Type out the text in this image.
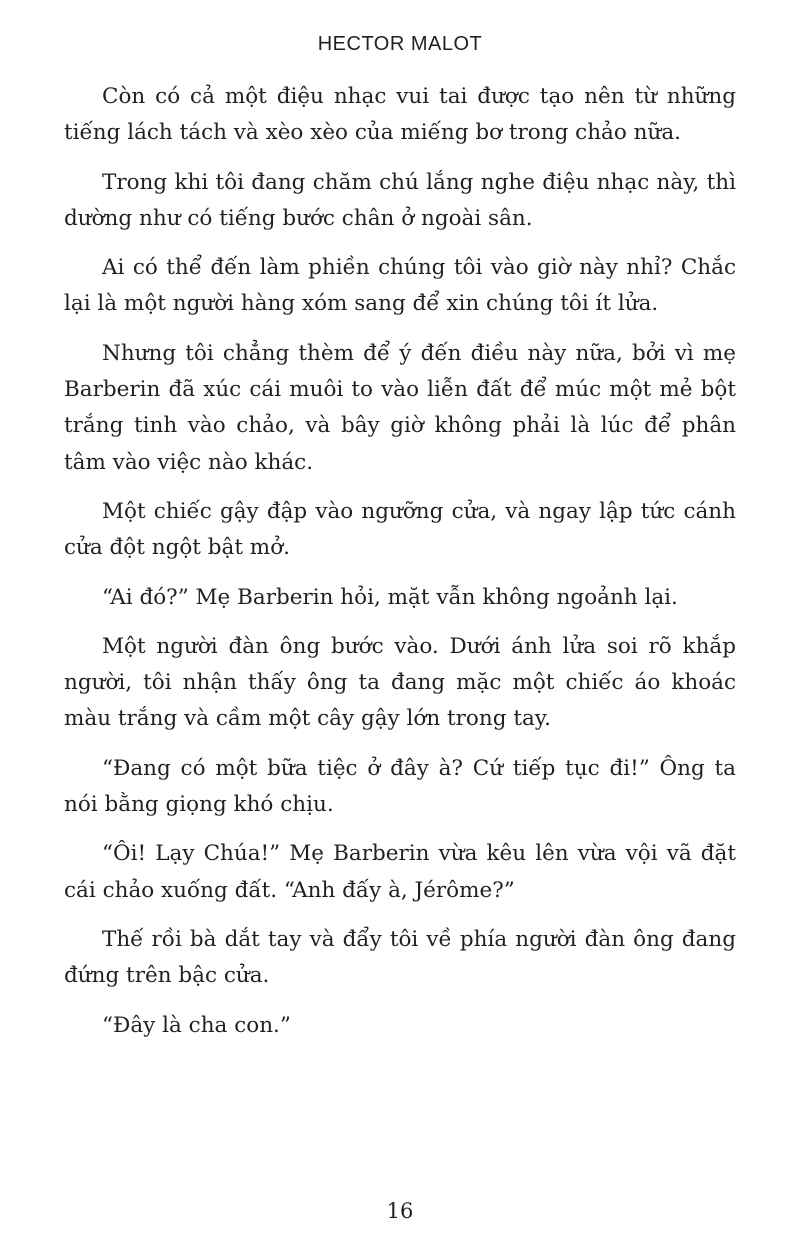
HECTOR MALOT

Còn có cả một điệu nhạc vui tai được tạo nên từ những tiếng lách tách và xèo xèo của miếng bơ trong chảo nữa.

Trong khi tôi đang chăm chú lắng nghe điệu nhạc này, thì dường như có tiếng bước chân ở ngoài sân.

Ai có thể đến làm phiền chúng tôi vào giờ này nhỉ? Chắc lại là một người hàng xóm sang để xin chúng tôi ít lửa.

Nhưng tôi chẳng thèm để ý đến điều này nữa, bởi vì mẹ Barberin đã xúc cái muôi to vào liễn đất để múc một mẻ bột trắng tinh vào chảo, và bây giờ không phải là lúc để phân tâm vào việc nào khác.

Một chiếc gậy đập vào ngưỡng cửa, và ngay lập tức cánh cửa đột ngột bật mở.

“Ai đó?” Mẹ Barberin hỏi, mặt vẫn không ngoảnh lại.

Một người đàn ông bước vào. Dưới ánh lửa soi rõ khắp người, tôi nhận thấy ông ta đang mặc một chiếc áo khoác màu trắng và cầm một cây gậy lớn trong tay.

“Đang có một bữa tiệc ở đây à? Cứ tiếp tục đi!” Ông ta nói bằng giọng khó chịu.

“Ôi! Lạy Chúa!” Mẹ Barberin vừa kêu lên vừa vội vã đặt cái chảo xuống đất. “Anh đấy à, Jérôme?”

Thế rồi bà dắt tay và đẩy tôi về phía người đàn ông đang đứng trên bậc cửa.

“Đây là cha con.”

16
